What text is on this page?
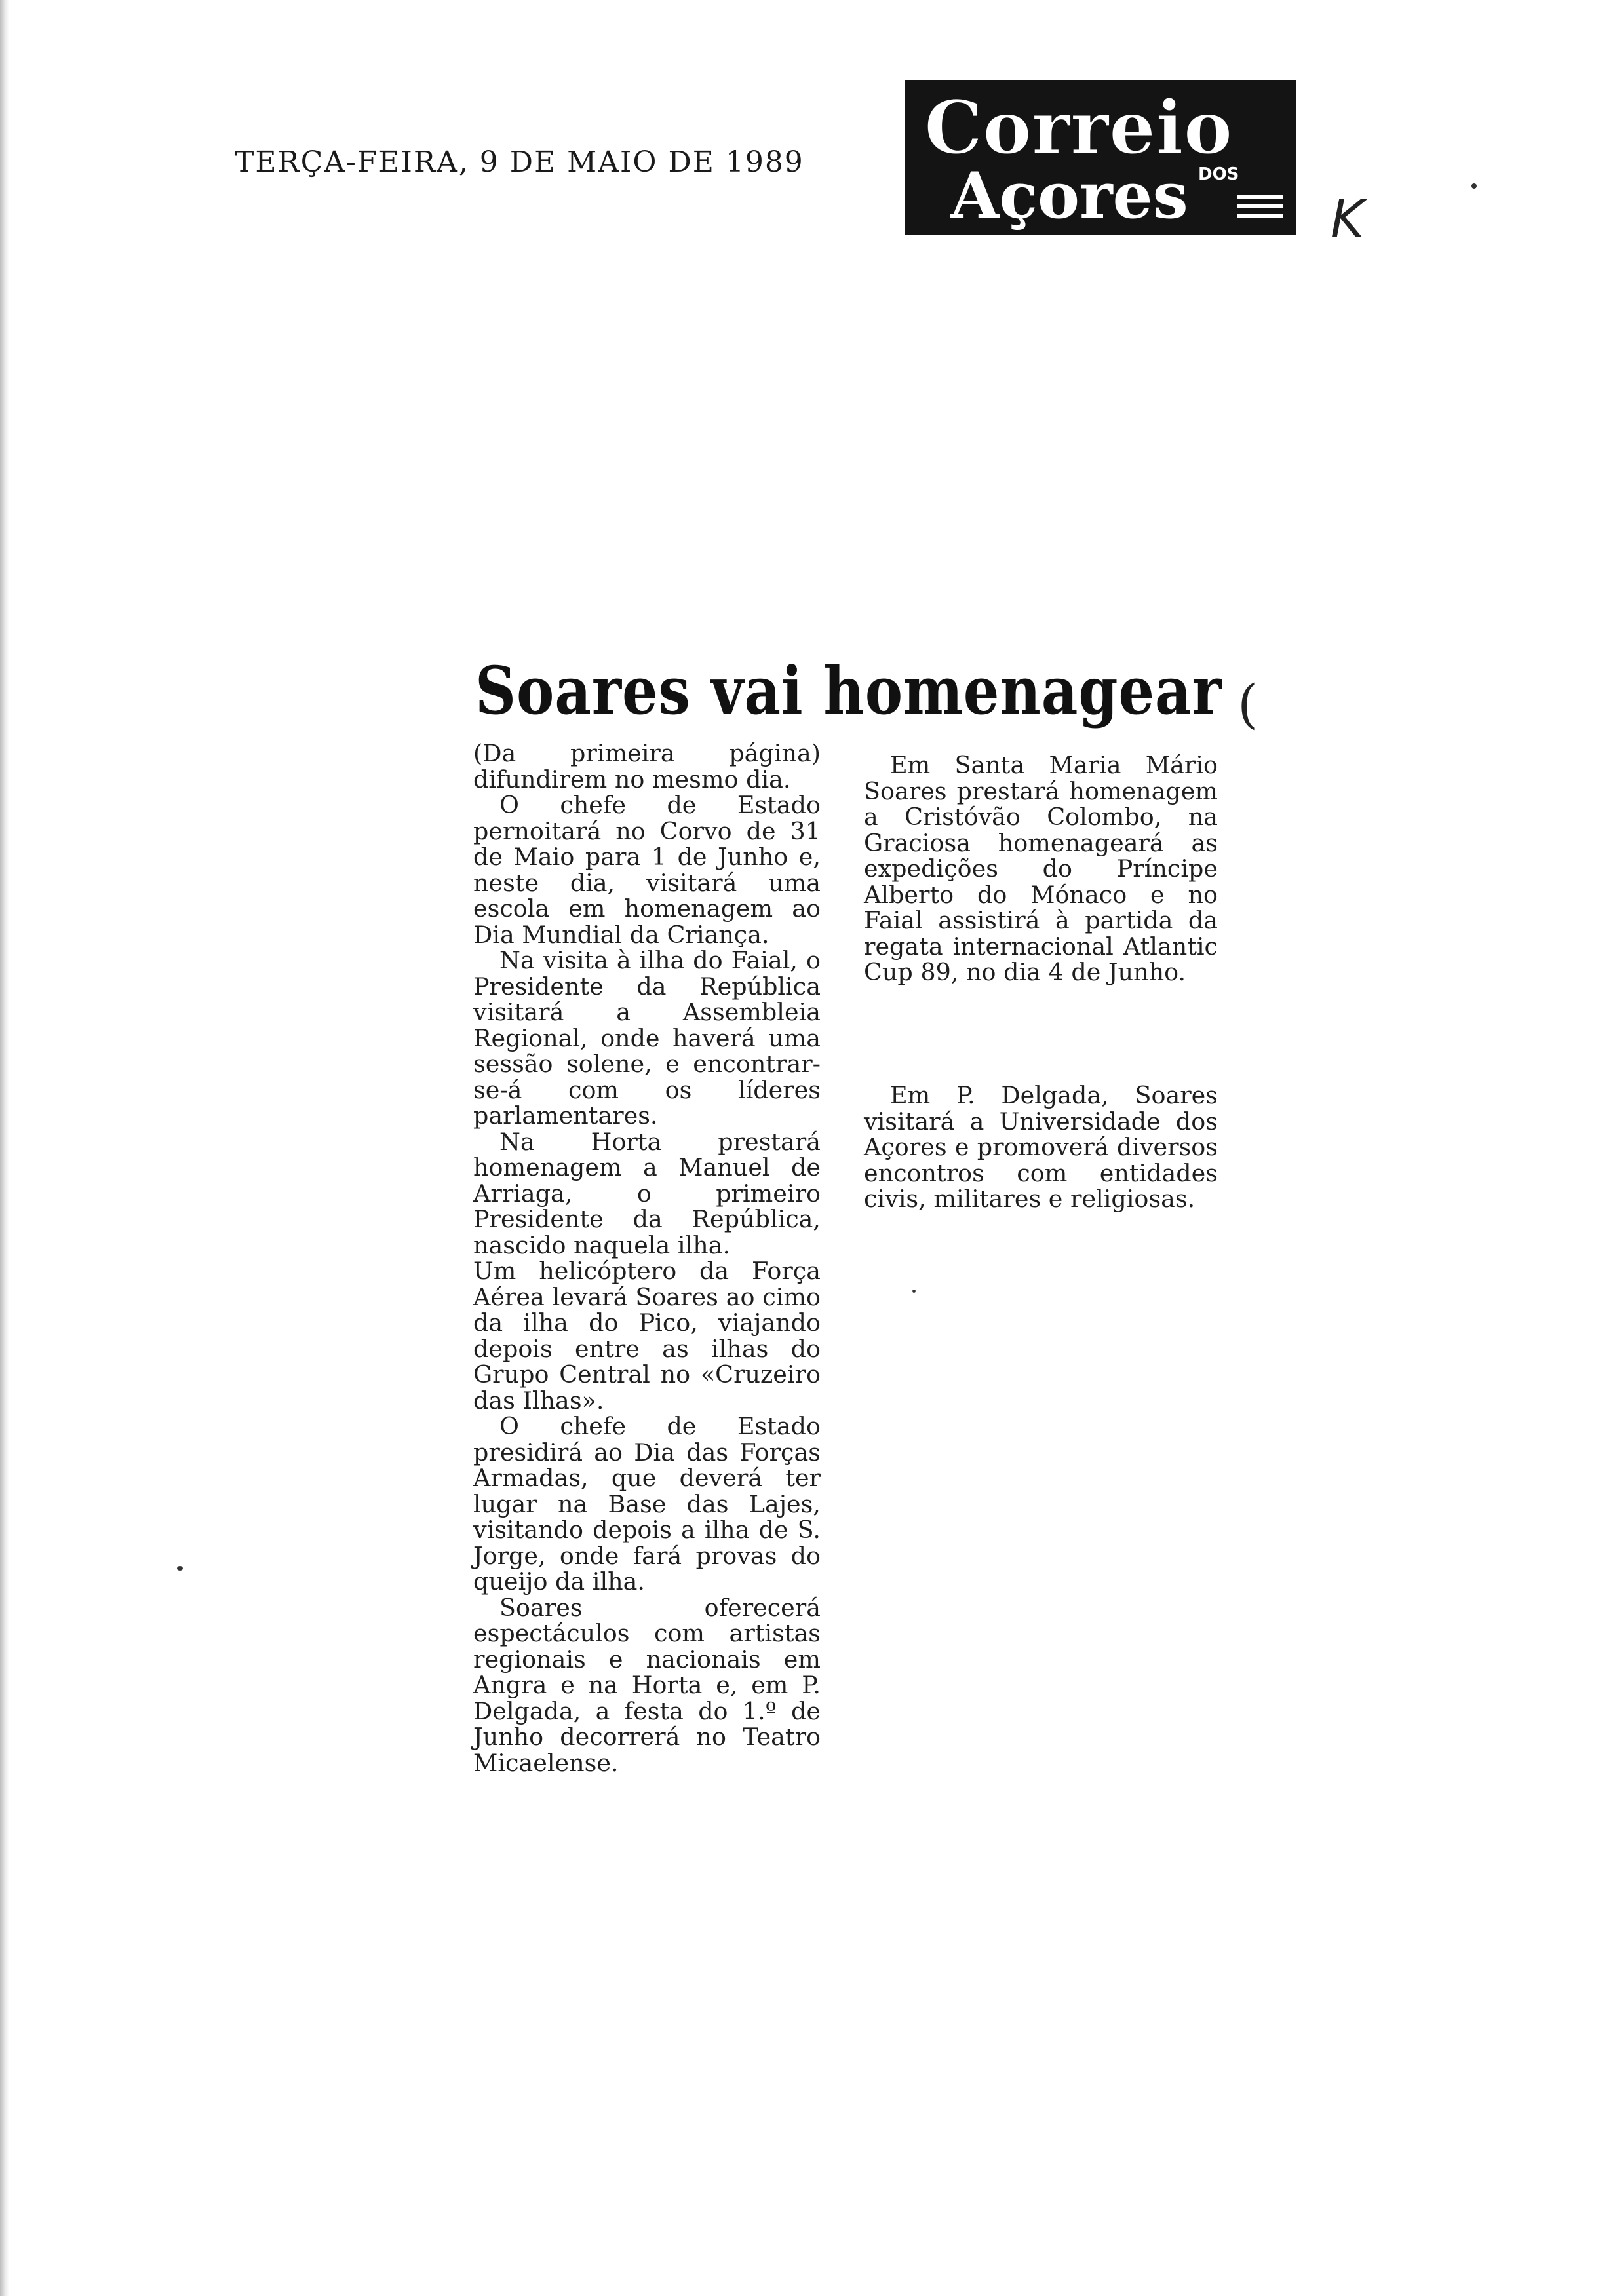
TERÇA-FEIRA, 9 DE MAIO DE 1989 Correio
DOS
Açores	K
Soares vai homenagear (

(Da primeira página) difundirem no mesmo dia.

O chefe de Estado pernoitará no Corvo de 31 de Maio para 1 de Junho e, neste dia, visitará uma escola em homenagem ao Dia Mundial da Criança.

Na visita à ilha do Faial, o Presidente da República visitará a Assembleia Regional, onde haverá uma sessão solene, e encontrar-se-á com os líderes parlamentares.

Na Horta prestará homenagem a Manuel de Arriaga, o primeiro Presidente da República, nascido naquela ilha.

Um helicóptero da Força Aérea levará Soares ao cimo da ilha do Pico, viajando depois entre as ilhas do Grupo Central no «Cruzeiro das Ilhas».

O chefe de Estado presidirá ao Dia das Forças Armadas, que deverá ter lugar na Base das Lajes, visitando depois a ilha de S. Jorge, onde fará provas do queijo da ilha.

Soares oferecerá espectáculos com artistas regionais e nacionais em Angra e na Horta e, em P. Delgada, a festa do 1.º de Junho decorrerá no Teatro Micaelense.

Em Santa Maria Mário Soares prestará homenagem a Cristóvão Colombo, na Graciosa homenageará as expedições do Príncipe Alberto do Mónaco e no Faial assistirá à partida da regata internacional Atlantic Cup 89, no dia 4 de Junho.

Em P. Delgada, Soares visitará a Universidade dos Açores e promoverá diversos encontros com entidades civis, militares e religiosas.
